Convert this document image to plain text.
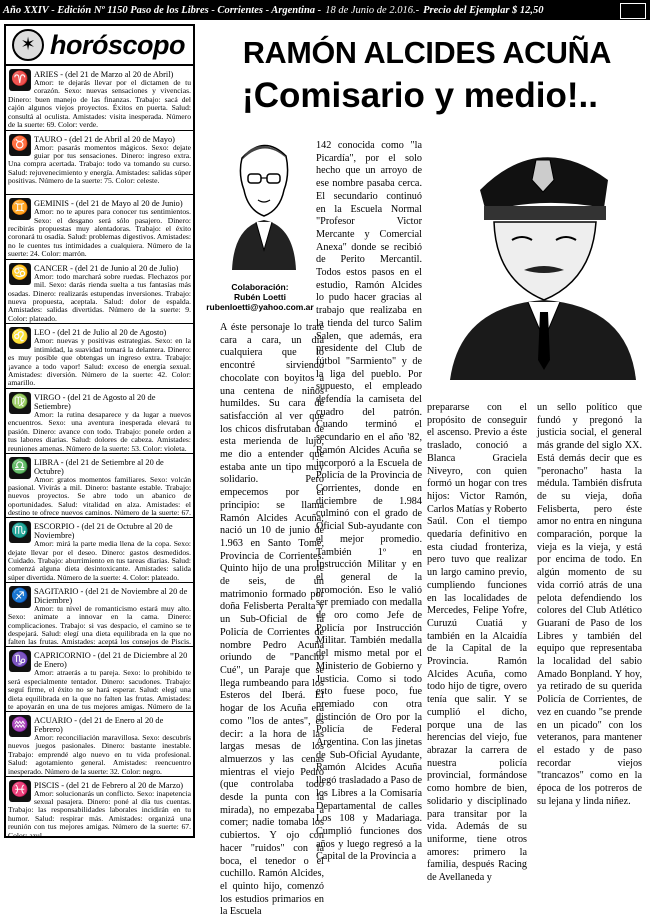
Año XXIV - Edición Nº 1150 Paso de los Libres - Corrientes - Argentina - 18 de Junio de 2.016.- Precio del Ejemplar $ 12,50
✶ horóscopo
♈ ARIES - (del 21 de Marzo al 20 de Abril)
Amor: te dejarás llevar por el dictamen de tu corazón. Sexo: nuevas sensaciones y vivencias. Dinero: buen manejo de las finanzas. Trabajo: sacá del cajón algunos viejos proyectos. Éxitos en puerta. Salud: consultá al oculista. Amistades: visita inesperada. Número de la suerte: 69. Color: verde.
♉ TAURO - (del 21 de Abril al 20 de Mayo)
Amor: pasarás momentos mágicos. Sexo: dejate guiar por tus sensaciones. Dinero: ingreso extra. Una compra acertada. Trabajo: todo va tomando su curso. Salud: rejuvenecimiento y energía. Amistades: salidas súper positivas. Número de la suerte: 75. Color: celeste.
♊ GEMINIS - (del 21 de Mayo al 20 de Junio)
Amor: no te apures para conocer tus sentimientos. Sexo: el desgano será sólo pasajero. Dinero: recibirás propuestas muy alentadoras. Trabajo: el éxito coronará tu osadía. Salud: problemas digestivos. Amistades: no le cuentes tus intimidades a cualquiera. Número de la suerte: 24. Color: marrón.
♋ CANCER - (del 21 de Junio al 20 de Julio)
Amor: todo marchará sobre ruedas. Flechazos por mil. Sexo: darás rienda suelta a tus fantasías más osadas. Dinero: realizarás estupendas inversiones. Trabajo: nueva propuesta, aceptala. Salud: dolor de espalda. Amistades: salidas divertidas. Número de la suerte: 9. Color: plateado.
♌ LEO - (del 21 de Julio al 20 de Agosto)
Amor: nuevas y positivas estrategias. Sexo: en la intimidad, la suavidad tomará la delantera. Dinero: es muy posible que obtengas un ingreso extra. Trabajo: ¡avance a todo vapor! Salud: exceso de energía sexual. Amistades: diversión. Número de la suerte: 42. Color: amarillo.
♍ VIRGO - (del 21 de Agosto al 20 de Setiembre)
Amor: la rutina desaparece y da lugar a nuevos encuentros. Sexo: una aventura inesperada elevará tu pasión. Dinero: avance con todo. Trabajo: ponele orden a tus labores diarias. Salud: dolores de cabeza. Amistades: reuniones amenas. Número de la suerte: 53. Color: violeta.
♎ LIBRA - (del 21 de Setiembre al 20 de Octubre)
Amor: gratos momentos familiares. Sexo: volcán pasional. Vivirás a mil. Dinero: bastante estable. Trabajo: nuevos proyectos. Se abre todo un abanico de oportunidades. Salud: vitalidad en alza. Amistades: el destino te ofrece nuevos caminos. Número de la suerte: 67.
♏ ESCORPIO - (del 21 de Octubre al 20 de Noviembre)
Amor: mirá la parte media llena de la copa. Sexo: dejate llevar por el deseo. Dinero: gastos desmedidos. Cuidado. Trabajo: aburrimiento en tus tareas diarias. Salud: comenzá alguna dieta desintoxicante. Amistades: salida súper divertida. Número de la suerte: 4. Color: plateado.
♐ SAGITARIO - (del 21 de Noviembre al 20 de Diciembre)
Amor: tu nivel de romanticismo estará muy alto. Sexo: animate a innovar en la cama. Dinero: complicaciones. Trabajo: si vas despacio, el camino se te despejará. Salud: elegí una dieta equilibrada en la que no falten las frutas. Amistades: aceptá los consejos de Piscis.
♑ CAPRICORNIO - (del 21 de Diciembre al 20 de Enero)
Amor: atraerás a tu pareja. Sexo: lo prohibido te será especialmente tentador. Dinero: sacudones. Trabajo: seguí firme, el éxito no se hará esperar. Salud: elegí una dieta equilibrada en la que no falten las frutas. Amistades: te apoyarán en una de tus mejores amigas. Número de la
♒ ACUARIO - (del 21 de Enero al 20 de Febrero)
Amor: reconciliación maravillosa. Sexo: descubrís nuevos juegos pasionales. Dinero: bastante inestable. Trabajo: emprendé algo nuevo en tu vida profesional. Salud: agotamiento general. Amistades: reencuentro inesperado. Número de la suerte: 32. Color: negro.
♓ PISCIS - (del 21 de Febrero al 20 de Marzo)
Amor: solucionarás un conflicto. Sexo: inapetencia sexual pasajera. Dinero: poné al día tus cuentas. Trabajo: las responsabilidades laborales incidirán en tu humor. Salud: respirar más. Amistades: organizá una reunión con tus mejores amigas. Número de la suerte: 67. Color: azul.
RAMÓN ALCIDES ACUÑA
¡Comisario y medio!..
Colaboración:
Rubén Loetti
rubenloetti@yahoo.com.ar
A éste personaje lo traté cara a cara, un día cualquiera que lo encontré sirviendo chocolate con boyitos a una centena de niños humildes. Su cara de satisfacción al ver que los chicos disfrutaban de esta merienda de lujo, me dio a entender que estaba ante un tipo muy solidario. Pero empecemos por el principio: se llama Ramón Alcides Acuña; nació un 10 de junio de 1.963 en Santo Tomé, Provincia de Corrientes. Quinto hijo de una prole de seis, de un matrimonio formado por doña Felisberta Peralta y un Sub-Oficial de la Policía de Corrientes de nombre Pedro Acuña oriundo de "Pancho Cué", un Paraje que se llega rumbeando para los Esteros del Iberá. El hogar de los Acuña era como "los de antes", es decir: a la hora de las largas mesas de los almuerzos y las cenas mientras el viejo Pedro (que controlaba todo desde la punta con la mirada), no empezaba a comer; nadie tomaba los cubiertos. Y ojo con hacer "ruidos" con la boca, el tenedor o el cuchillo. Ramón Alcides, el quinto hijo, comenzó los estudios primarios en la Escuela
142 conocida como "la Picardía", por el solo hecho que un arroyo de ese nombre pasaba cerca. El secundario continuó en la Escuela Normal "Profesor Victor Mercante y Comercial Anexa" donde se recibió de Perito Mercantil. Todos estos pasos en el estudio, Ramón Alcides lo pudo hacer gracias al trabajo que realizaba en la tienda del turco Salim Salen, que además, era presidente del Club de fútbol "Sarmiento" y de la liga del pueblo. Por supuesto, el empleado defendía la camiseta del cuadro del patrón. Cuando terminó el secundario en el año '82, Ramón Alcides Acuña se incorporó a la Escuela de Policía de la Provincia de Corrientes, donde en diciembre de 1.984 culminó con el grado de Oficial Sub-ayudante con el mejor promedio. También 1º en Instrucción Militar y en el general de la promoción. Eso le valió ser premiado con medalla de oro como Jefe de Policía por Instrucción Militar. También medalla del mismo metal por el Ministerio de Gobierno y Justicia. Como si todo esto fuese poco, fue premiado con otra distinción de Oro por la Policía de Federal Argentina. Con las jinetas de Sub-Oficial Ayudante, Ramón Alcides Acuña llegó trasladado a Paso de los Libres a la Comisaría Departamental de calles Los 108 y Madariaga. Cumplió funciones dos años y luego regresó a la Capital de la Provincia a
prepararse con el propósito de conseguir el ascenso. Previo a éste traslado, conoció a Blanca Graciela Niveyro, con quien formó un hogar con tres hijos: Victor Ramón, Carlos Matías y Roberto Saúl. Con el tiempo quedaría definitivo en esta ciudad fronteriza, pero tuvo que realizar un largo camino previo, cumpliendo funciones en las localidades de Mercedes, Felipe Yofre, Curuzú Cuatiá y también en la Alcaidía de la Capital de la Provincia. Ramón Alcides Acuña, como todo hijo de tigre, overo tenía que salir. Y se cumplió el dicho, porque una de las herencias del viejo, fue abrazar la carrera de nuestra policía provincial, formándose como hombre de bien, solidario y disciplinado para transitar por la vida. Además de su uniforme, tiene otros amores: primero la familia, después Racing de Avellaneda y
un sello político que fundó y pregonó la justicia social, el general más grande del siglo XX. Está demás decir que es "peronacho" hasta la médula. También disfruta de su vieja, doña Felisberta, pero éste amor no entra en ninguna comparación, porque la vieja es la vieja, y está por encima de todo. En algún momento de su vida corrió atrás de una pelota defendiendo los colores del Club Atlético Guaraní de Paso de los Libres y también del equipo que representaba la localidad del sabio Amado Bonpland. Y hoy, ya retirado de su querida Policía de Corrientes, de vez en cuando "se prende en un picado" con los veteranos, para mantener el estado y de paso recordar viejos "trancazos" como en la época de los potreros de su lejana y linda niñez.
